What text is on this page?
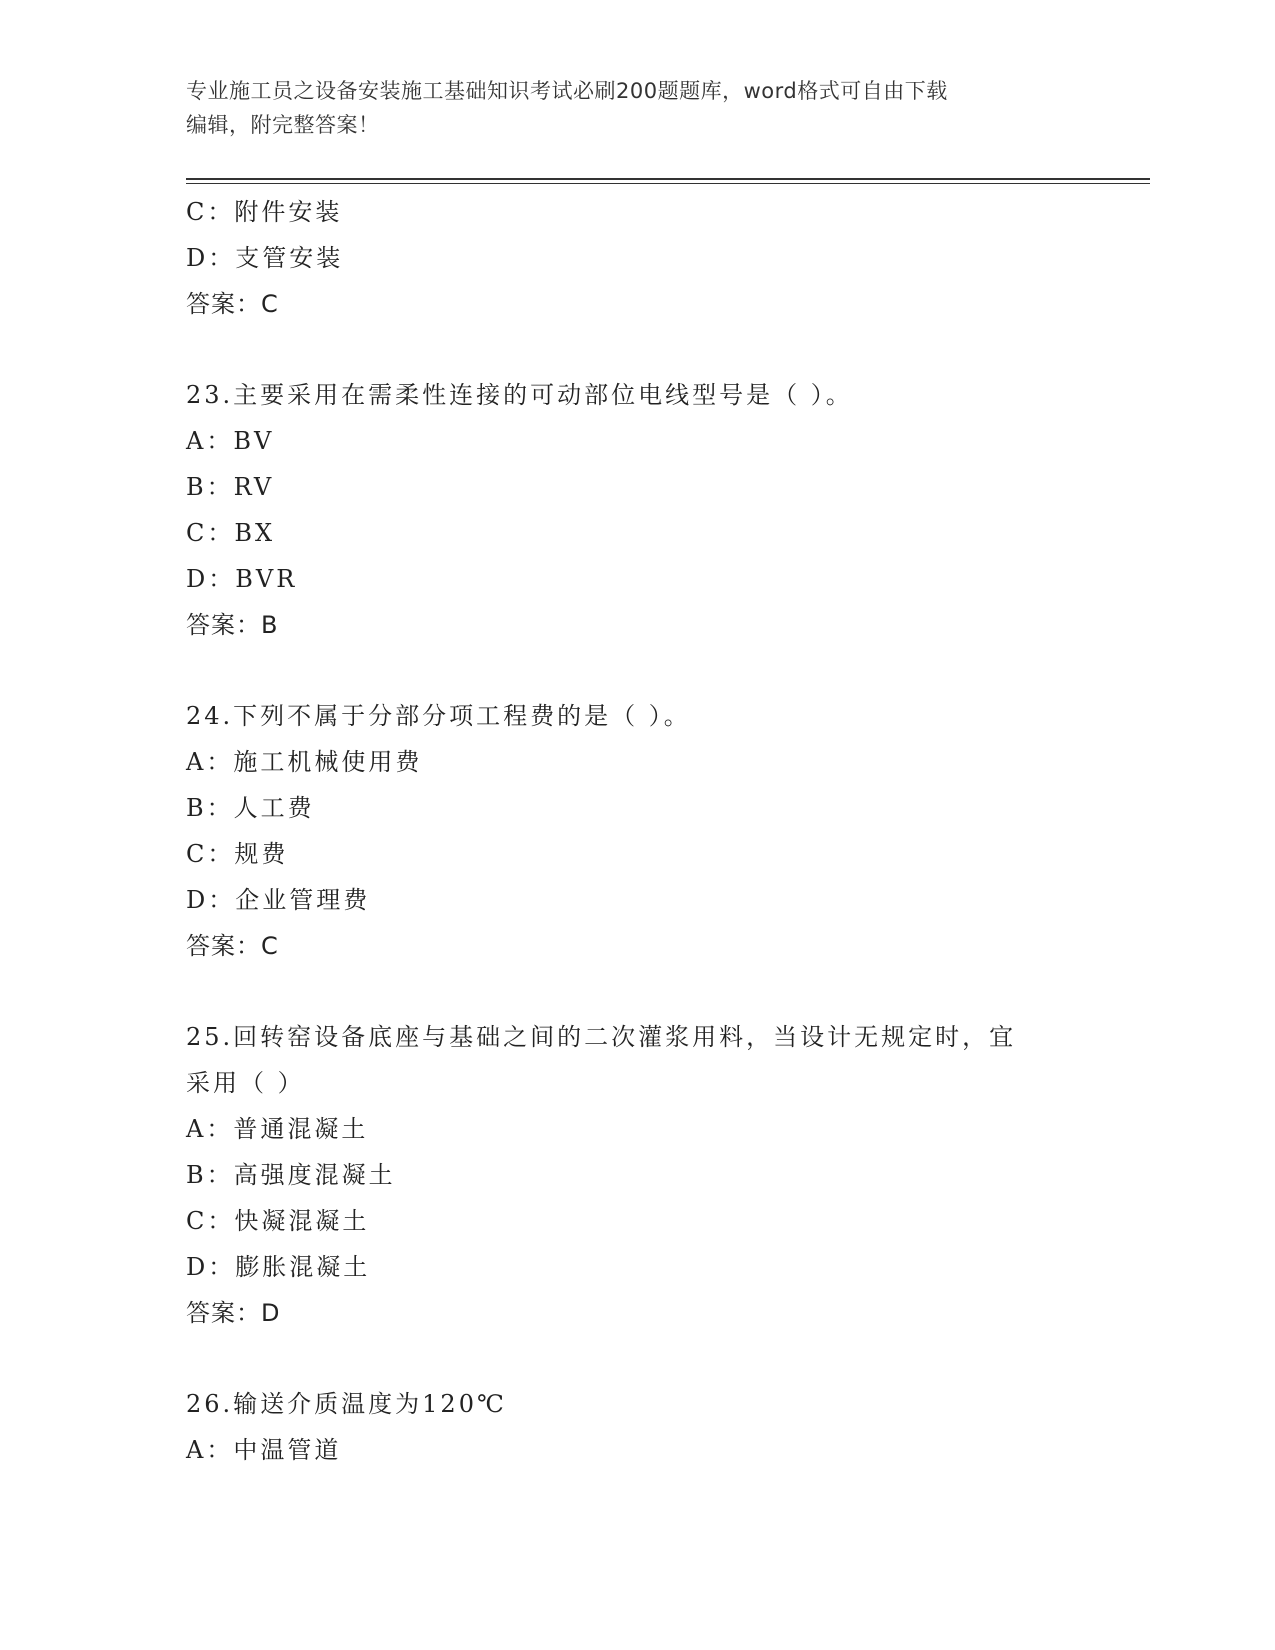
专业施工员之设备安装施工基础知识考试必刷200题题库，word格式可自由下载
编辑，附完整答案！
C：附件安装
D：支管安装
答案：C
23.主要采用在需柔性连接的可动部位电线型号是（ ）。
A：BV
B：RV
C：BX
D：BVR
答案：B
24.下列不属于分部分项工程费的是（ ）。
A：施工机械使用费
B：人工费
C：规费
D：企业管理费
答案：C
25.回转窑设备底座与基础之间的二次灌浆用料，当设计无规定时，宜
采用（ ）
A：普通混凝土
B：高强度混凝土
C：快凝混凝土
D：膨胀混凝土
答案：D
26.输送介质温度为120℃
A：中温管道
